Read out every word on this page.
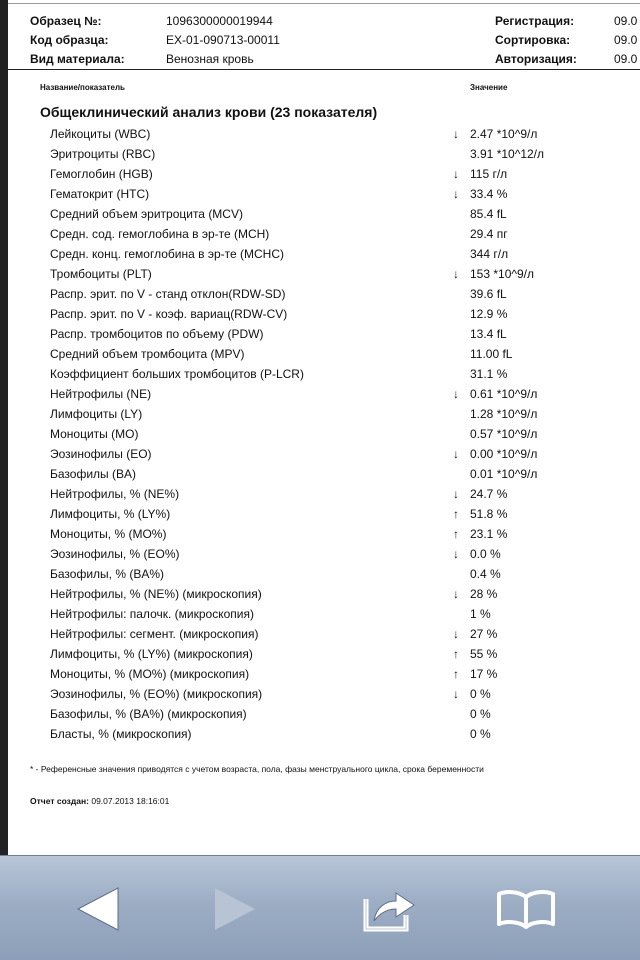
Образец №:	1096300000019944
Код образца:	EX-01-090713-00011
Вид материала:	Венозная кровь
Регистрация:	09.0
Сортировка:	09.0
Авторизация:	09.0
Название/показатель	Значение
Общеклинический анализ крови (23 показателя)
Лейкоциты (WBC)	↓ 2.47 *10^9/л
Эритроциты (RBC)	3.91 *10^12/л
Гемоглобин (HGB)	↓ 115 г/л
Гематокрит (HTC)	↓ 33.4 %
Средний объем эритроцита (MCV)	85.4 fL
Средн. сод. гемоглобина в эр-те (MCH)	29.4 пг
Средн. конц. гемоглобина в эр-те (MCHC)	344 г/л
Тромбоциты (PLT)	↓ 153 *10^9/л
Распр. эрит. по V - станд отклон(RDW-SD)	39.6 fL
Распр. эрит. по V - коэф. вариац(RDW-CV)	12.9 %
Распр. тромбоцитов по объему (PDW)	13.4 fL
Средний объем тромбоцита (MPV)	11.00 fL
Коэффициент больших тромбоцитов (P-LCR)	31.1 %
Нейтрофилы (NE)	↓ 0.61 *10^9/л
Лимфоциты (LY)	1.28 *10^9/л
Моноциты (MO)	0.57 *10^9/л
Эозинофилы (EO)	↓ 0.00 *10^9/л
Базофилы (BA)	0.01 *10^9/л
Нейтрофилы, % (NE%)	↓ 24.7 %
Лимфоциты, % (LY%)	↑ 51.8 %
Моноциты, % (MO%)	↑ 23.1 %
Эозинофилы, % (EO%)	↓ 0.0 %
Базофилы, % (BA%)	0.4 %
Нейтрофилы, % (NE%) (микроскопия)	↓ 28 %
Нейтрофилы: палочк. (микроскопия)	1 %
Нейтрофилы: сегмент. (микроскопия)	↓ 27 %
Лимфоциты, % (LY%) (микроскопия)	↑ 55 %
Моноциты, % (MO%) (микроскопия)	↑ 17 %
Эозинофилы, % (EO%) (микроскопия)	↓ 0 %
Базофилы, % (BA%) (микроскопия)	0 %
Бласты, % (микроскопия)	0 %
* - Референсные значения приводятся с учетом возраста, пола, фазы менструального цикла, срока беременности
Отчет создан: 09.07.2013 18:16:01
